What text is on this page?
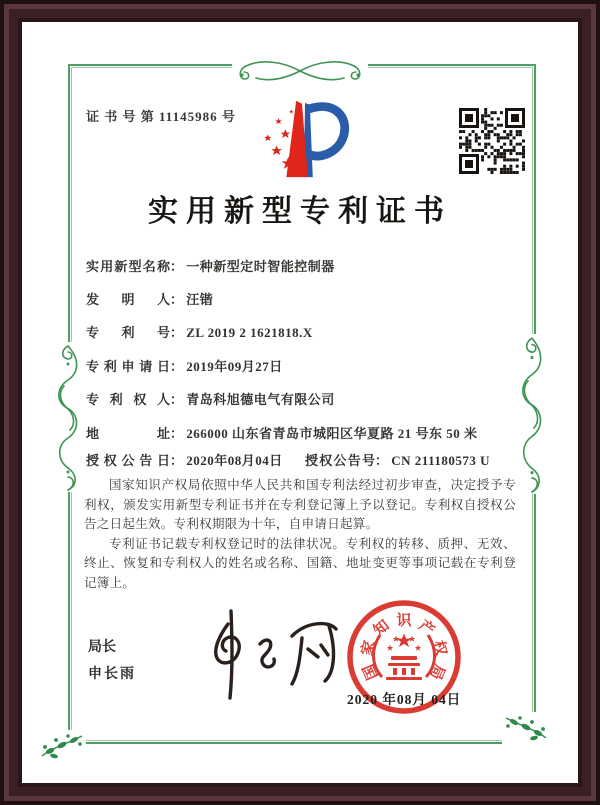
证 书 号 第 11145986 号
实用新型专利证书
实用新型名称： 一种新型定时智能控制器
发明人： 汪锴
专利号： ZL 2019 2 1621818.X
专利申请日： 2019年09月27日
专利权人： 青岛科旭德电气有限公司
地址： 266000 山东省青岛市城阳区华夏路 21 号东 50 米
授权公告日： 2020年08月04日 授权公告号： CN 211180573 U

国家知识产权局依照中华人民共和国专利法经过初步审查，决定授予专利权，颁发实用新型专利证书并在专利登记簿上予以登记。专利权自授权公告之日起生效。专利权期限为十年，自申请日起算。

专利证书记载专利权登记时的法律状况。专利权的转移、质押、无效、终止、恢复和专利权人的姓名或名称、国籍、地址变更等事项记载在专利登记簿上。

局长
申长雨	国
家
知 识 产
权
局
2020 年08月 04日
